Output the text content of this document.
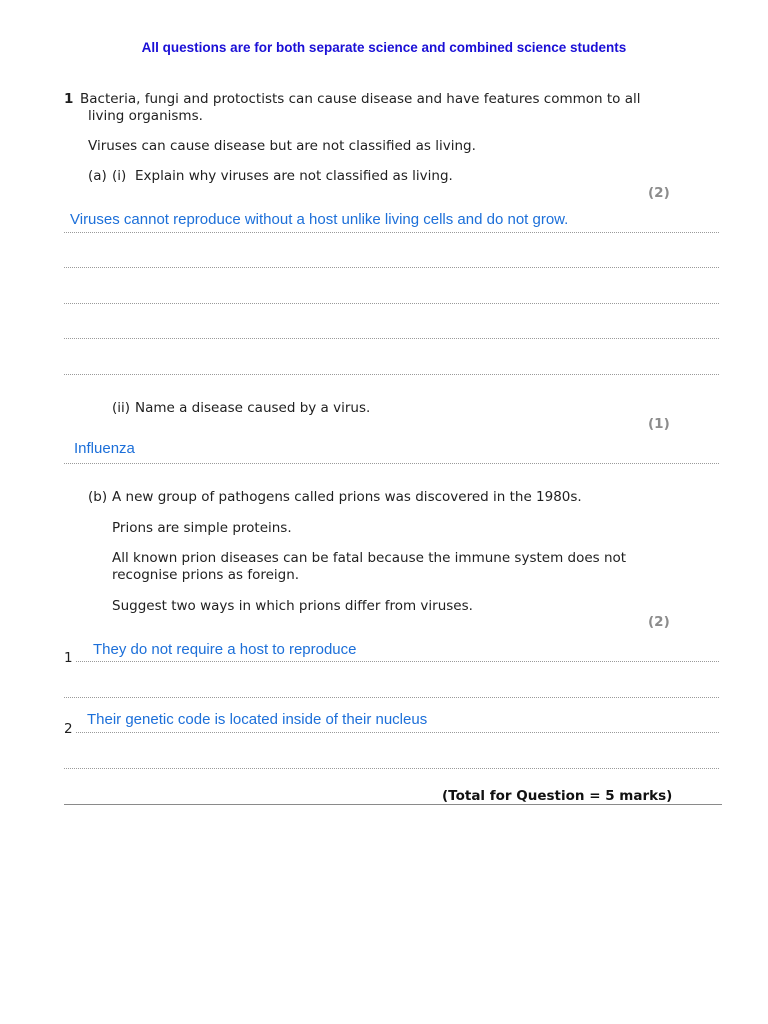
All questions are for both separate science and combined science students
1 Bacteria, fungi and protoctists can cause disease and have features common to all
living organisms.
Viruses can cause disease but are not classified as living.
(a) (i) Explain why viruses are not classified as living.
(2)
Viruses cannot reproduce without a host unlike living cells and do not grow.
(ii) Name a disease caused by a virus.
(1)
Influenza
(b) A new group of pathogens called prions was discovered in the 1980s.
Prions are simple proteins.
All known prion diseases can be fatal because the immune system does not
recognise prions as foreign.
Suggest two ways in which prions differ from viruses.
(2)
1 They do not require a host to reproduce
2
Their genetic code is located inside of their nucleus
(Total for Question = 5 marks)
